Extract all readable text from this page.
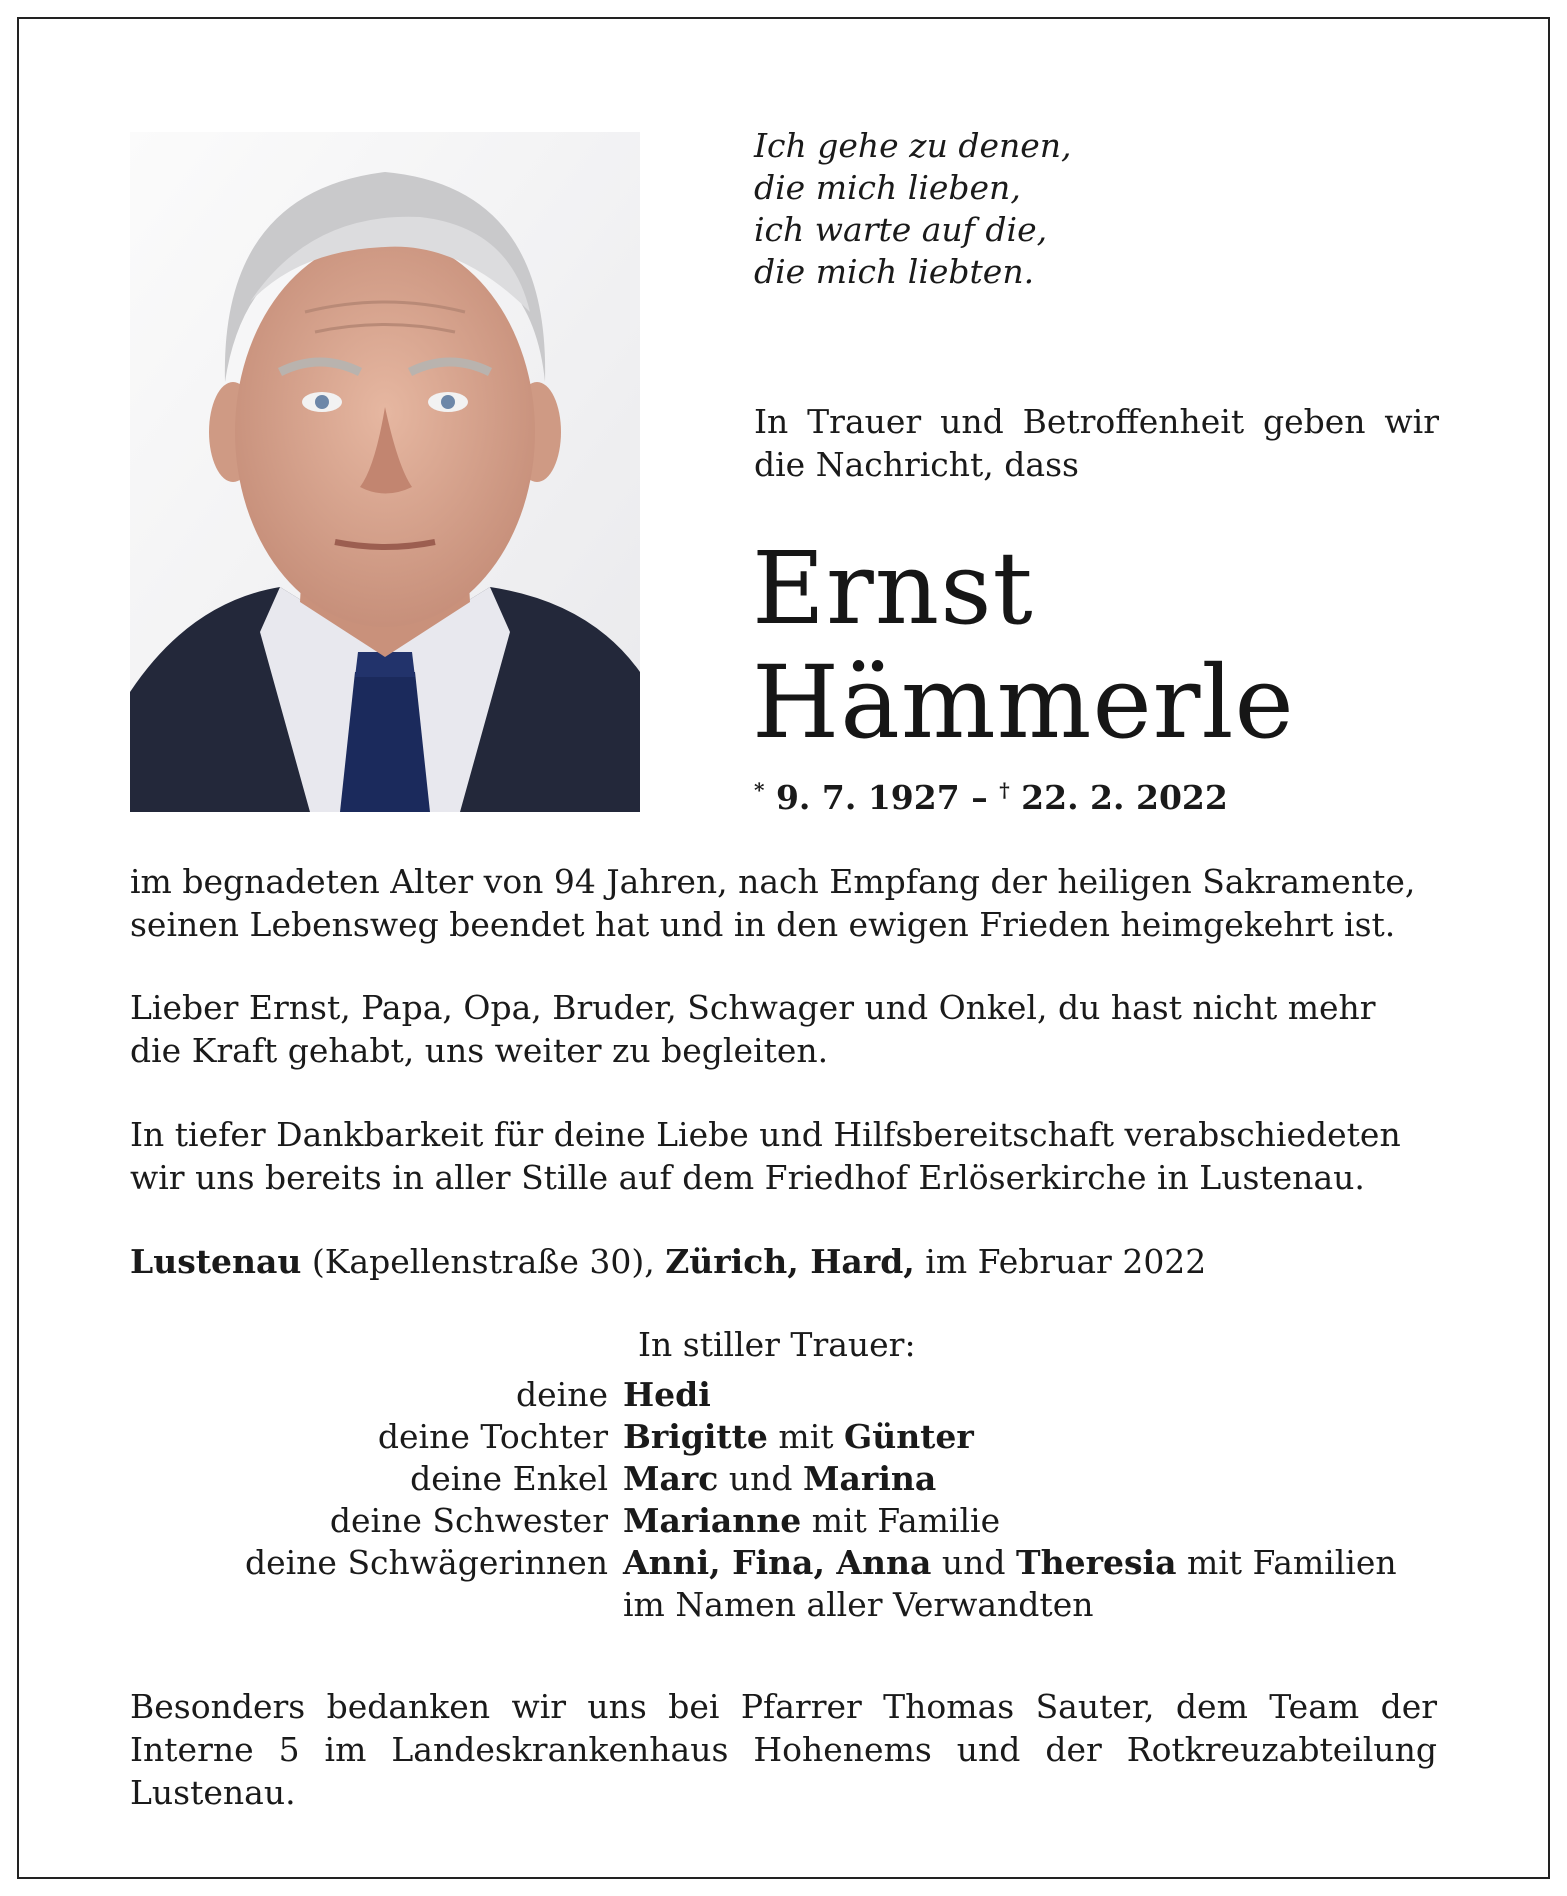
Ich gehe zu denen,
die mich lieben,
ich warte auf die,
die mich liebten.
In Trauer und Betroffenheit geben wir die Nachricht, dass
Ernst
Hämmerle
* 9. 7. 1927 – † 22. 2. 2022
im begnadeten Alter von 94 Jahren, nach Empfang der heiligen Sakramente, seinen Lebensweg beendet hat und in den ewigen Frieden heimgekehrt ist.
Lieber Ernst, Papa, Opa, Bruder, Schwager und Onkel, du hast nicht mehr die Kraft gehabt, uns weiter zu begleiten.
In tiefer Dankbarkeit für deine Liebe und Hilfsbereitschaft verabschiedeten wir uns bereits in aller Stille auf dem Friedhof Erlöserkirche in Lustenau.
Lustenau (Kapellenstraße 30), Zürich, Hard, im Februar 2022
In stiller Trauer:
deine Hedi
deine Tochter Brigitte mit Günter
deine Enkel Marc und Marina
deine Schwester Marianne mit Familie
deine Schwägerinnen Anni, Fina, Anna und Theresia mit Familien
im Namen aller Verwandten
Besonders bedanken wir uns bei Pfarrer Thomas Sauter, dem Team der Interne 5 im Landeskrankenhaus Hohenems und der Rotkreuzabteilung Lustenau.
